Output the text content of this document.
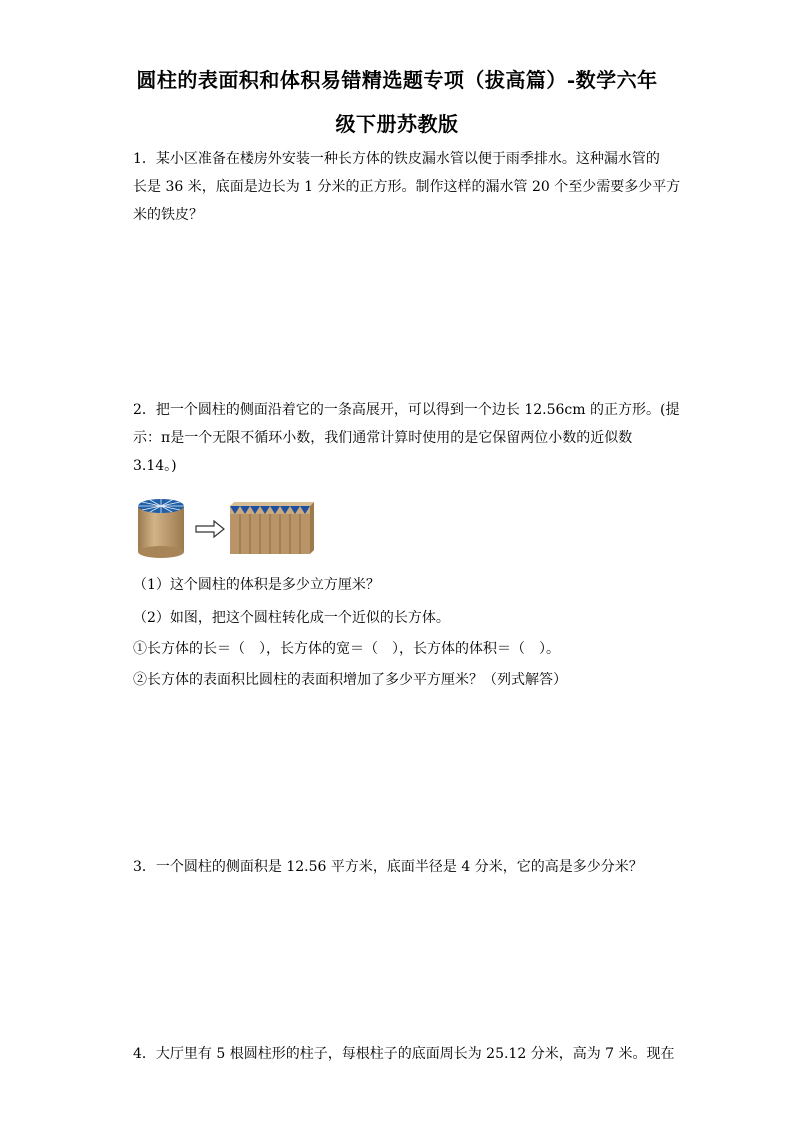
圆柱的表面积和体积易错精选题专项（拔高篇）-数学六年
级下册苏教版

1．某小区准备在楼房外安装一种长方体的铁皮漏水管以便于雨季排水。这种漏水管的

长是 36 米，底面是边长为 1 分米的正方形。制作这样的漏水管 20 个至少需要多少平方

米的铁皮？

2．把一个圆柱的侧面沿着它的一条高展开，可以得到一个边长 12.56cm 的正方形。(提

示：π是一个无限不循环小数，我们通常计算时使用的是它保留两位小数的近似数

3.14。)

（1）这个圆柱的体积是多少立方厘米？
（2）如图，把这个圆柱转化成一个近似的长方体。
①长方体的长＝（　），长方体的宽＝（　），长方体的体积＝（　）。
②长方体的表面积比圆柱的表面积增加了多少平方厘米？（列式解答）

3．一个圆柱的侧面积是 12.56 平方米，底面半径是 4 分米，它的高是多少分米？

4．大厅里有 5 根圆柱形的柱子，每根柱子的底面周长为 25.12 分米，高为 7 米。现在
